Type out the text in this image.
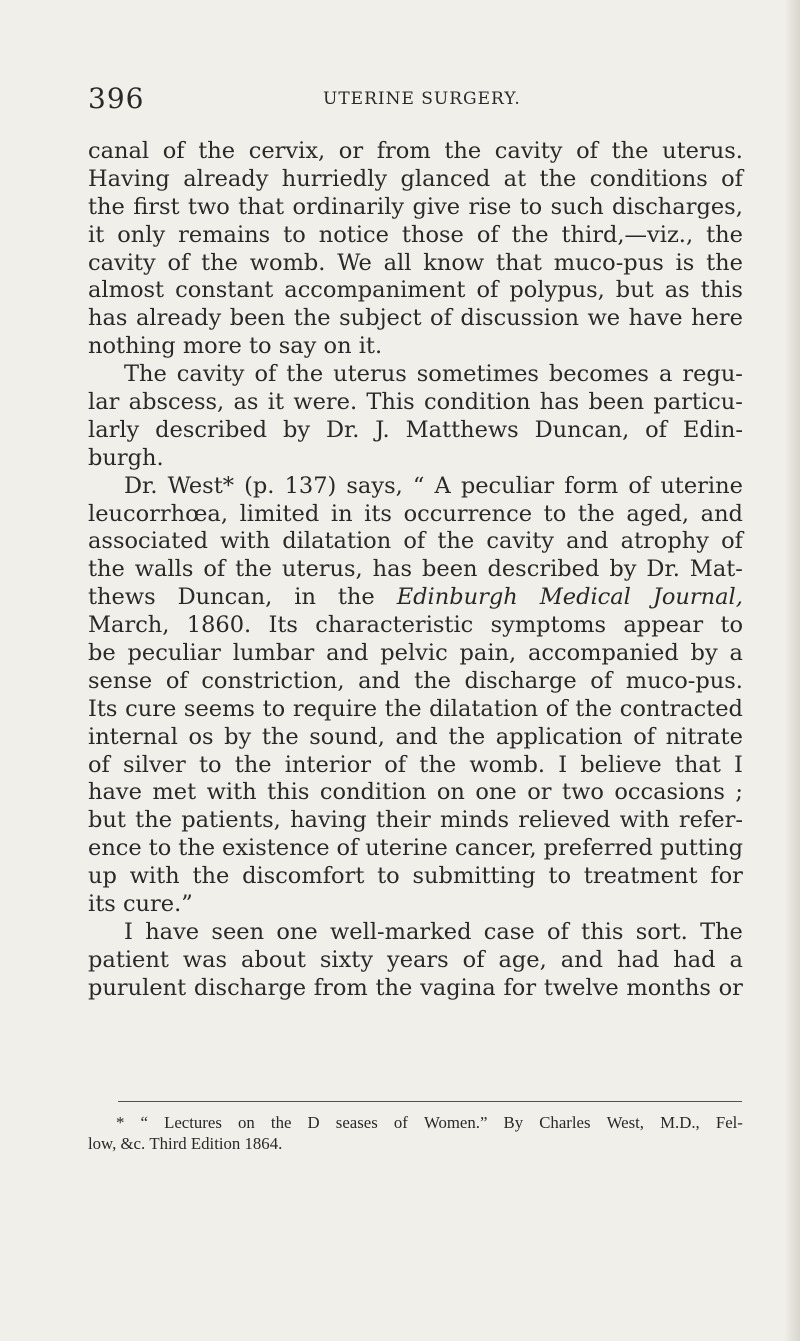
396	UTERINE SURGERY.
canal of the cervix, or from the cavity of the uterus.
Having already hurriedly glanced at the conditions of
the first two that ordinarily give rise to such discharges,
it only remains to notice those of the third,—viz., the
cavity of the womb. We all know that muco-pus is the
almost constant accompaniment of polypus, but as this
has already been the subject of discussion we have here
nothing
more
to
say
on
it.
The cavity of the uterus sometimes becomes a regu-
lar abscess, as it were. This condition has been particu-
larly described by Dr. J. Matthews Duncan, of Edin-
burgh.
Dr. West* (p. 137) says, “ A peculiar form of uterine
leucorrhœa, limited in its occurrence to the aged, and
associated with dilatation of the cavity and atrophy of
the walls of the uterus, has been described by Dr. Mat-
thews Duncan, in the Edinburgh Medical Journal,
March, 1860. Its characteristic symptoms appear to
be peculiar lumbar and pelvic pain, accompanied by a
sense of constriction, and the discharge of muco-pus.
Its cure seems to require the dilatation of the contracted
internal os by the sound, and the application of nitrate
of silver to the interior of the womb. I believe that I
have met with this condition on one or two occasions ;
but the patients, having their minds relieved with refer-
ence to the existence of uterine cancer, preferred putting
up with the discomfort to submitting to treatment for
its
cure.”
I have seen one well-marked case of this sort. The
patient was about sixty years of age, and had had a
purulent discharge from the vagina for twelve months or
* “ Lectures on the D seases of Women.” By Charles West, M.D., Fel-
low,
&c.
Third
Edition
1864.
